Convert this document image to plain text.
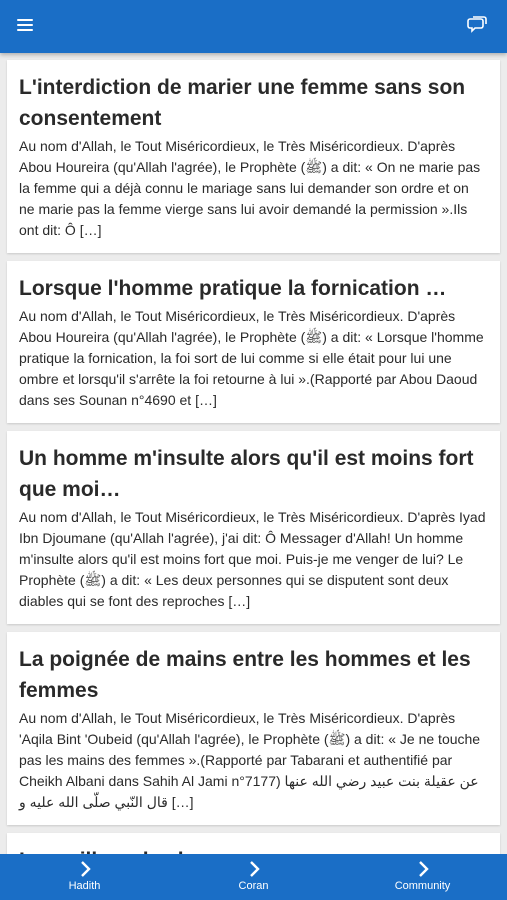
L'interdiction de marier une femme sans son consentement

Au nom d'Allah, le Tout Miséricordieux, le Très Miséricordieux. D'après Abou Houreira (qu'Allah l'agrée), le Prophète (ﷺ) a dit: « On ne marie pas la femme qui a déjà connu le mariage sans lui demander son ordre et on ne marie pas la femme vierge sans lui avoir demandé la permission ».Ils ont dit: Ô […]

Lorsque l'homme pratique la fornication …

Au nom d'Allah, le Tout Miséricordieux, le Très Miséricordieux. D'après Abou Houreira (qu'Allah l'agrée), le Prophète (ﷺ) a dit: « Lorsque l'homme pratique la fornication, la foi sort de lui comme si elle était pour lui une ombre et lorsqu'il s'arrête la foi retourne à lui ».(Rapporté par Abou Daoud dans ses Sounan n°4690 et […]

Un homme m'insulte alors qu'il est moins fort que moi…

Au nom d'Allah, le Tout Miséricordieux, le Très Miséricordieux. D'après Iyad Ibn Djoumane (qu'Allah l'agrée), j'ai dit: Ô Messager d'Allah! Un homme m'insulte alors qu'il est moins fort que moi. Puis-je me venger de lui? Le Prophète (ﷺ) a dit: « Les deux personnes qui se disputent sont deux diables qui se font des reproches […]

La poignée de mains entre les hommes et les femmes

Au nom d'Allah, le Tout Miséricordieux, le Très Miséricordieux. D'après 'Aqila Bint 'Oubeid (qu'Allah l'agrée), le Prophète (ﷺ) a dit: « Je ne touche pas les mains des femmes ».(Rapporté par Tabarani et authentifié par Cheikh Albani dans Sahih Al Jami n°7177) عن عقيلة بنت عبيد رضي الله عنها قال النّبي صلّى الله عليه و […]

Hadith	Coran	Community
